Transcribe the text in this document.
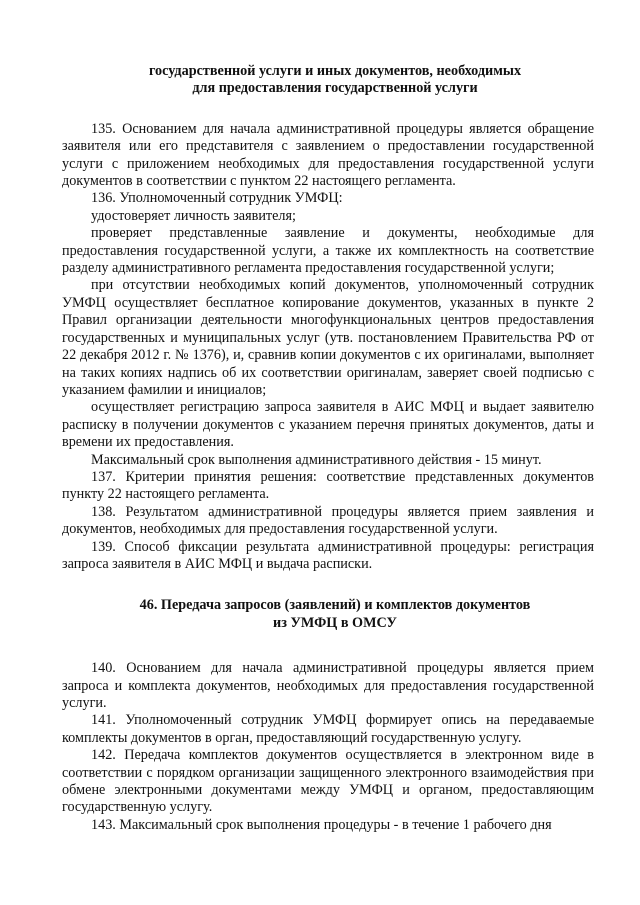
государственной услуги и иных документов, необходимых
для предоставления государственной услуги

135. Основанием для начала административной процедуры является обращение заявителя или его представителя с заявлением о предоставлении государственной услуги с приложением необходимых для предоставления государственной услуги документов в соответствии с пунктом 22 настоящего регламента.

136. Уполномоченный сотрудник УМФЦ:

удостоверяет личность заявителя;

проверяет представленные заявление и документы, необходимые для предоставления государственной услуги, а также их комплектность на соответствие разделу административного регламента предоставления государственной услуги;

при отсутствии необходимых копий документов, уполномоченный сотрудник УМФЦ осуществляет бесплатное копирование документов, указанных в пункте 2 Правил организации деятельности многофункциональных центров предоставления государственных и муниципальных услуг (утв. постановлением Правительства РФ от 22 декабря 2012 г. № 1376), и, сравнив копии документов с их оригиналами, выполняет на таких копиях надпись об их соответствии оригиналам, заверяет своей подписью с указанием фамилии и инициалов;

осуществляет регистрацию запроса заявителя в АИС МФЦ и выдает заявителю расписку в получении документов с указанием перечня принятых документов, даты и времени их предоставления.

Максимальный срок выполнения административного действия - 15 минут.

137. Критерии принятия решения: соответствие представленных документов пункту 22 настоящего регламента.

138. Результатом административной процедуры является прием заявления и документов, необходимых для предоставления государственной услуги.

139. Способ фиксации результата административной процедуры: регистрация запроса заявителя в АИС МФЦ и выдача расписки.

46. Передача запросов (заявлений) и комплектов документов
из УМФЦ в ОМСУ

140. Основанием для начала административной процедуры является прием запроса и комплекта документов, необходимых для предоставления государственной услуги.

141. Уполномоченный сотрудник УМФЦ формирует опись на передаваемые комплекты документов в орган, предоставляющий государственную услугу.

142. Передача комплектов документов осуществляется в электронном виде в соответствии с порядком организации защищенного электронного взаимодействия при обмене электронными документами между УМФЦ и органом, предоставляющим государственную услугу.

143. Максимальный срок выполнения процедуры - в течение 1 рабочего дня
